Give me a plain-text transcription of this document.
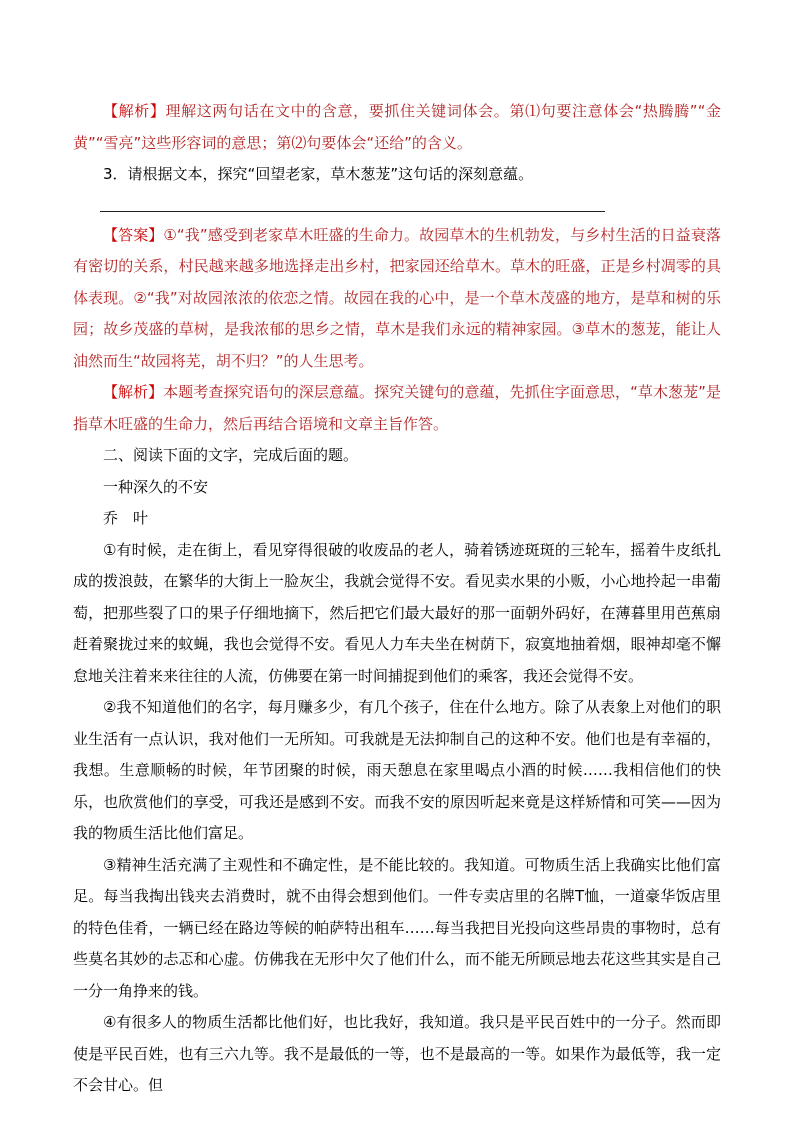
【解析】理解这两句话在文中的含意，要抓住关键词体会。第⑴句要注意体会“热腾腾”“金黄”“雪亮”这些形容词的意思；第⑵句要体会“还给”的含义。

3．请根据文本，探究“回望老家，草木葱茏”这句话的深刻意蕴。

【答案】①“我”感受到老家草木旺盛的生命力。故园草木的生机勃发，与乡村生活的日益衰落有密切的关系，村民越来越多地选择走出乡村，把家园还给草木。草木的旺盛，正是乡村凋零的具体表现。②“我”对故园浓浓的依恋之情。故园在我的心中，是一个草木茂盛的地方，是草和树的乐园；故乡茂盛的草树，是我浓郁的思乡之情，草木是我们永远的精神家园。③草木的葱茏，能让人油然而生“故园将芜，胡不归？”的人生思考。

【解析】本题考查探究语句的深层意蕴。探究关键句的意蕴，先抓住字面意思，“草木葱茏”是指草木旺盛的生命力，然后再结合语境和文章主旨作答。

二、阅读下面的文字，完成后面的题。

一种深久的不安

乔　叶

①有时候，走在街上，看见穿得很破的收废品的老人，骑着锈迹斑斑的三轮车，摇着牛皮纸扎成的拨浪鼓，在繁华的大街上一脸灰尘，我就会觉得不安。看见卖水果的小贩，小心地拎起一串葡萄，把那些裂了口的果子仔细地摘下，然后把它们最大最好的那一面朝外码好，在薄暮里用芭蕉扇赶着聚拢过来的蚊蝇，我也会觉得不安。看见人力车夫坐在树荫下，寂寞地抽着烟，眼神却毫不懈怠地关注着来来往往的人流，仿佛要在第一时间捕捉到他们的乘客，我还会觉得不安。

②我不知道他们的名字，每月赚多少，有几个孩子，住在什么地方。除了从表象上对他们的职业生活有一点认识，我对他们一无所知。可我就是无法抑制自己的这种不安。他们也是有幸福的，我想。生意顺畅的时候，年节团聚的时候，雨天憩息在家里喝点小酒的时候……我相信他们的快乐，也欣赏他们的享受，可我还是感到不安。而我不安的原因听起来竟是这样矫情和可笑——因为我的物质生活比他们富足。

③精神生活充满了主观性和不确定性，是不能比较的。我知道。可物质生活上我确实比他们富足。每当我掏出钱夹去消费时，就不由得会想到他们。一件专卖店里的名牌T恤，一道豪华饭店里的特色佳肴，一辆已经在路边等候的帕萨特出租车……每当我把目光投向这些昂贵的事物时，总有些莫名其妙的忐忑和心虚。仿佛我在无形中欠了他们什么，而不能无所顾忌地去花这些其实是自己一分一角挣来的钱。

④有很多人的物质生活都比他们好，也比我好，我知道。我只是平民百姓中的一分子。然而即使是平民百姓，也有三六九等。我不是最低的一等，也不是最高的一等。如果作为最低等，我一定不会甘心。但
